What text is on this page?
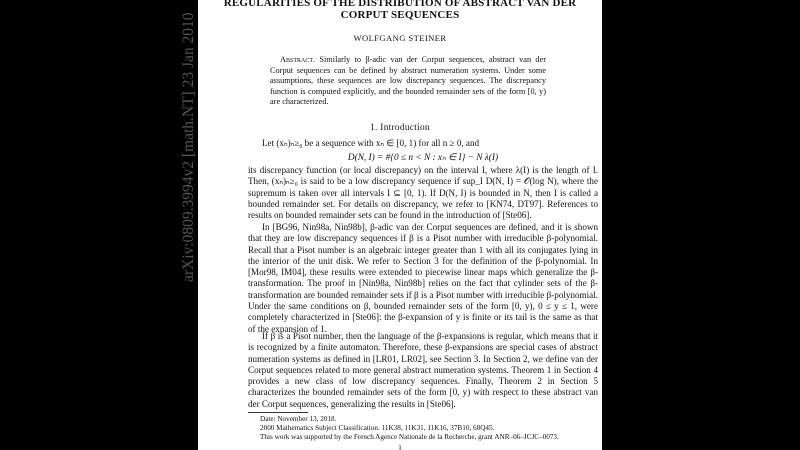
arXiv:0809.3994v2 [math.NT] 23 Jan 2010
REGULARITIES OF THE DISTRIBUTION OF ABSTRACT VAN DER
CORPUT SEQUENCES
WOLFGANG STEINER
Abstract. Similarly to β-adic van der Corput sequences, abstract van der Corput sequences can be defined by abstract numeration systems. Under some assumptions, these sequences are low discrepancy sequences. The discrepancy function is computed explicitly, and the bounded remainder sets of the form [0, y) are characterized.
1. Introduction
Let (xₙ)ₙ≥₀ be a sequence with xₙ ∈ [0, 1) for all n ≥ 0, and
D(N, I) = #{0 ≤ n < N : xₙ ∈ I} − N λ(I)
its discrepancy function (or local discrepancy) on the interval I, where λ(I) is the length of I. Then, (xₙ)ₙ≥₀ is said to be a low discrepancy sequence if sup_I D(N, I) = 𝒪(log N), where the supremum is taken over all intervals I ⊆ [0, 1). If D(N, I) is bounded in N, then I is called a bounded remainder set. For details on discrepancy, we refer to [KN74, DT97]. References to results on bounded remainder sets can be found in the introduction of [Ste06].
In [BG96, Nin98a, Nin98b], β-adic van der Corput sequences are defined, and it is shown that they are low discrepancy sequences if β is a Pisot number with irreducible β-polynomial. Recall that a Pisot number is an algebraic integer greater than 1 with all its conjugates lying in the interior of the unit disk. We refer to Section 3 for the definition of the β-polynomial. In [Mor98, IM04], these results were extended to piecewise linear maps which generalize the β-transformation. The proof in [Nin98a, Nin98b] relies on the fact that cylinder sets of the β-transformation are bounded remainder sets if β is a Pisot number with irreducible β-polynomial. Under the same conditions on β, bounded remainder sets of the form [0, y), 0 ≤ y ≤ 1, were completely characterized in [Ste06]: the β-expansion of y is finite or its tail is the same as that of the expansion of 1.
If β is a Pisot number, then the language of the β-expansions is regular, which means that it is recognized by a finite automaton. Therefore, these β-expansions are special cases of abstract numeration systems as defined in [LR01, LR02], see Section 3. In Section 2, we define van der Corput sequences related to more general abstract numeration systems. Theorem 1 in Section 4 provides a new class of low discrepancy sequences. Finally, Theorem 2 in Section 5 characterizes the bounded remainder sets of the form [0, y) with respect to these abstract van der Corput sequences, generalizing the results in [Ste06].
Date: November 13, 2018.
2000 Mathematics Subject Classification. 11K38, 11K31, 11K16, 37B10, 68Q45.
This work was supported by the French Agence Nationale de la Recherche, grant ANR–06–JCJC–0073.
1
